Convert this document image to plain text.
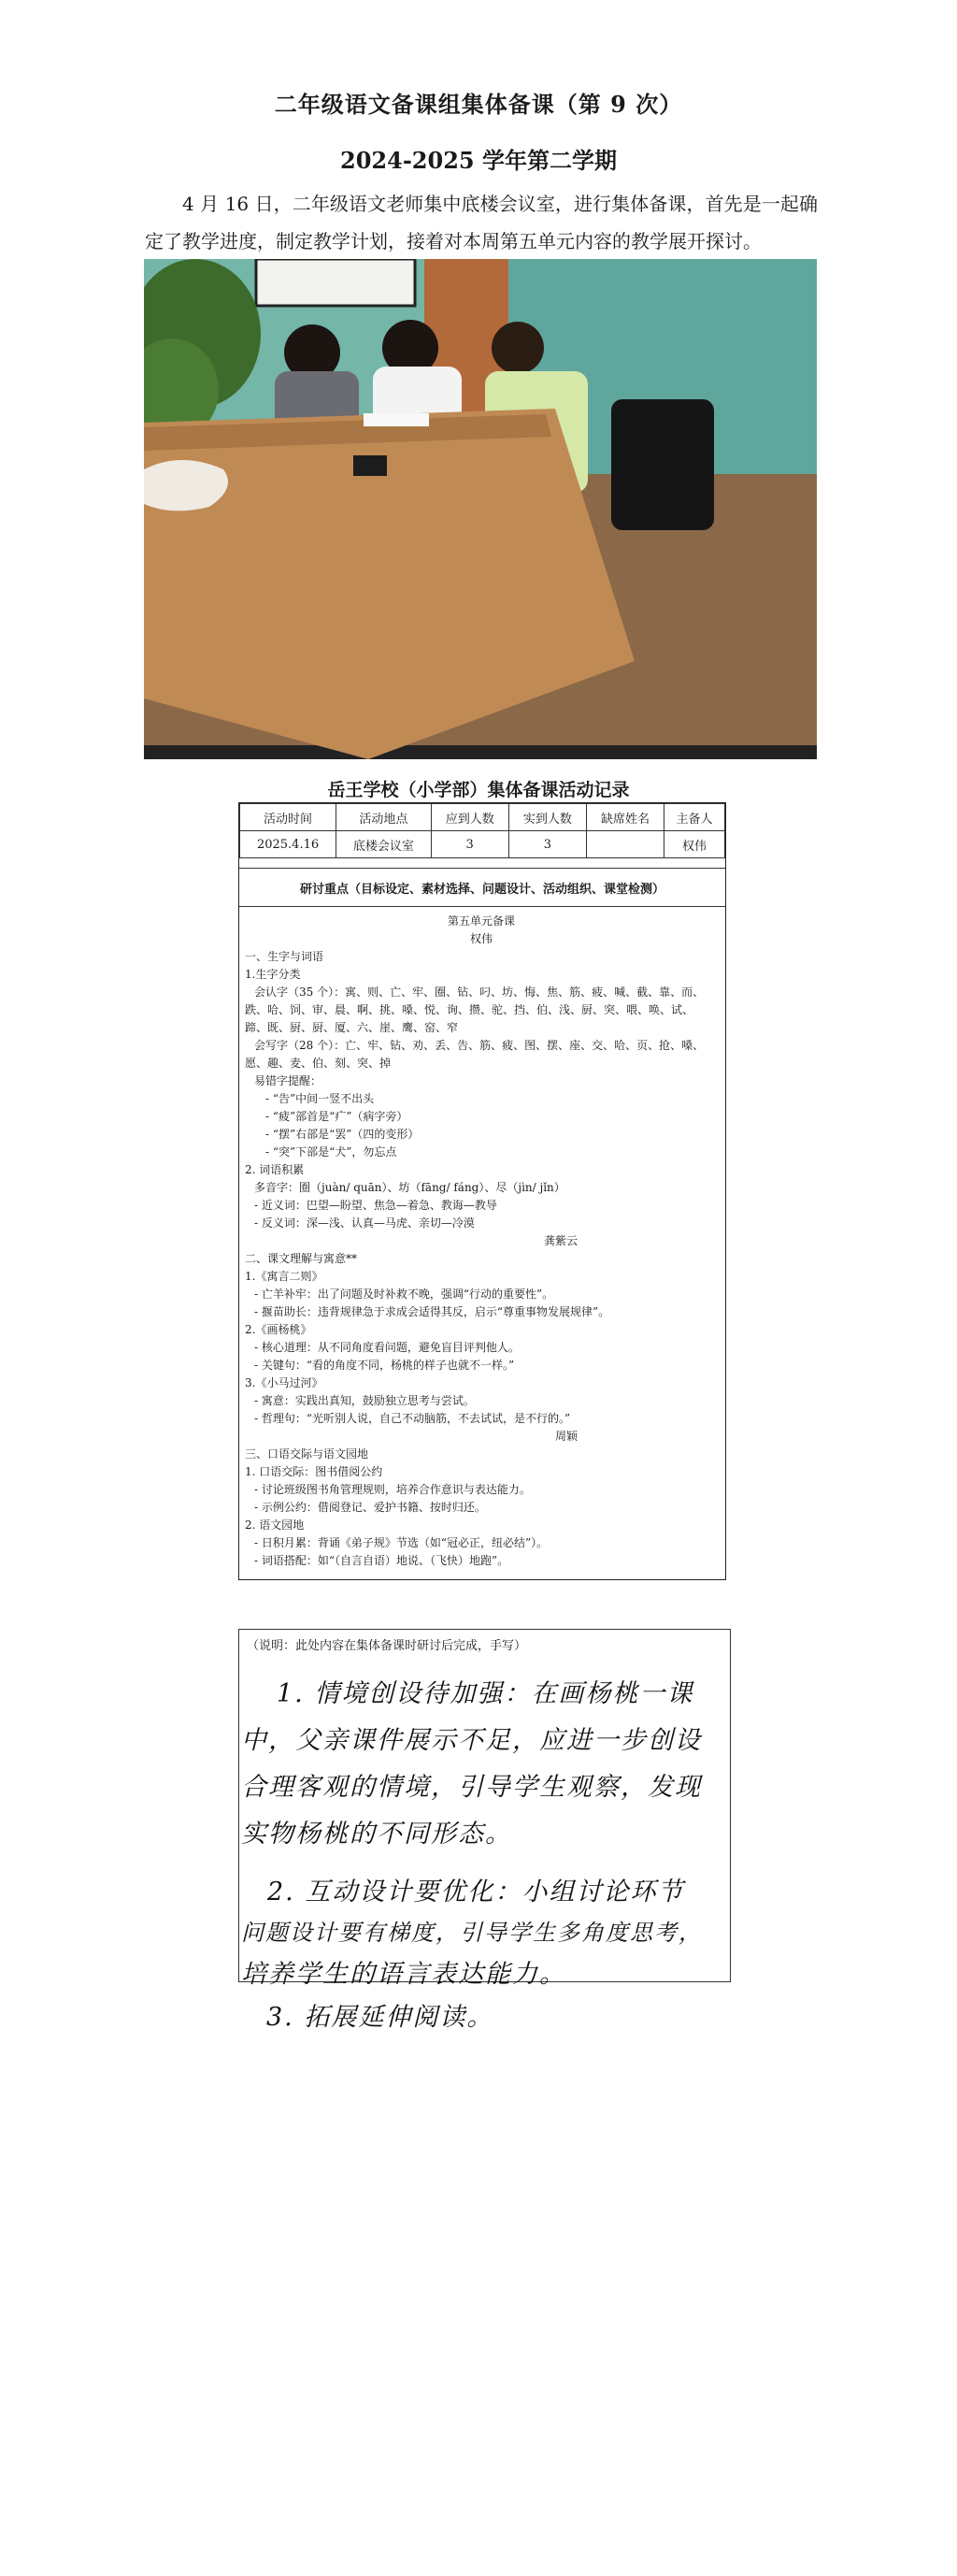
二年级语文备课组集体备课（第 9 次）
2024-2025 学年第二学期
4 月 16 日，二年级语文老师集中底楼会议室，进行集体备课，首先是一起确定了教学进度，制定教学计划，接着对本周第五单元内容的教学展开探讨。
岳王学校（小学部）集体备课活动记录
活动时间	活动地点	应到人数	实到人数	缺席姓名	主备人
2025.4.16	底楼会议室	3	3		权伟
研讨重点（目标设定、素材选择、问题设计、活动组织、课堂检测）
第五单元备课
权伟
一、生字与词语
1.生字分类
会认字（35 个）：寓、则、亡、牢、圈、钻、叼、坊、悔、焦、筋、疲、喊、截、靠、而、
跌、哈、饲、审、晨、啊、挑、嗓、悦、询、攒、驼、挡、伯、浅、厨、突、喂、唤、试、
蹄、既、厨、厨、厦、六、崖、鹰、窑、窄
会写字（28 个）：亡、牢、钻、劝、丢、告、筋、疲、图、摆、座、交、哈、页、抢、嗓、
愿、趣、麦、伯、刻、突、掉
易错字提醒：
- “告”中间一竖不出头
- “疲”部首是“疒”（病字旁）
- “摆”右部是“罢”（四的变形）
- “突”下部是“犬”，勿忘点
2. 词语积累
多音字：圈（juàn/ quān）、坊（fāng/ fáng）、尽（jìn/ jǐn）
- 近义词：巴望—盼望、焦急—着急、教诲—教导
- 反义词：深—浅、认真—马虎、亲切—冷漠
龚紫云
二、课文理解与寓意**
1.《寓言二则》
- 亡羊补牢：出了问题及时补救不晚，强调“行动的重要性”。
- 揠苗助长：违背规律急于求成会适得其反，启示“尊重事物发展规律”。
2.《画杨桃》
- 核心道理：从不同角度看问题，避免盲目评判他人。
- 关键句：“看的角度不同，杨桃的样子也就不一样。”
3.《小马过河》
- 寓意：实践出真知，鼓励独立思考与尝试。
- 哲理句：“光听别人说，自己不动脑筋，不去试试，是不行的。”
周颖
三、口语交际与语文园地
1. 口语交际：图书借阅公约
- 讨论班级图书角管理规则，培养合作意识与表达能力。
- 示例公约：借阅登记、爱护书籍、按时归还。
2. 语文园地
- 日积月累：背诵《弟子规》节选（如“冠必正，纽必结”）。
- 词语搭配：如“（自言自语）地说、（飞快）地跑”。
（说明：此处内容在集体备课时研讨后完成，手写）
1. 情境创设待加强：在画杨桃一课
中，父亲课件展示不足，应进一步创设
合理客观的情境，引导学生观察，发现
实物杨桃的不同形态。
2. 互动设计要优化：小组讨论环节
问题设计要有梯度，引导学生多角度思考，
培养学生的语言表达能力。
3. 拓展延伸阅读。
